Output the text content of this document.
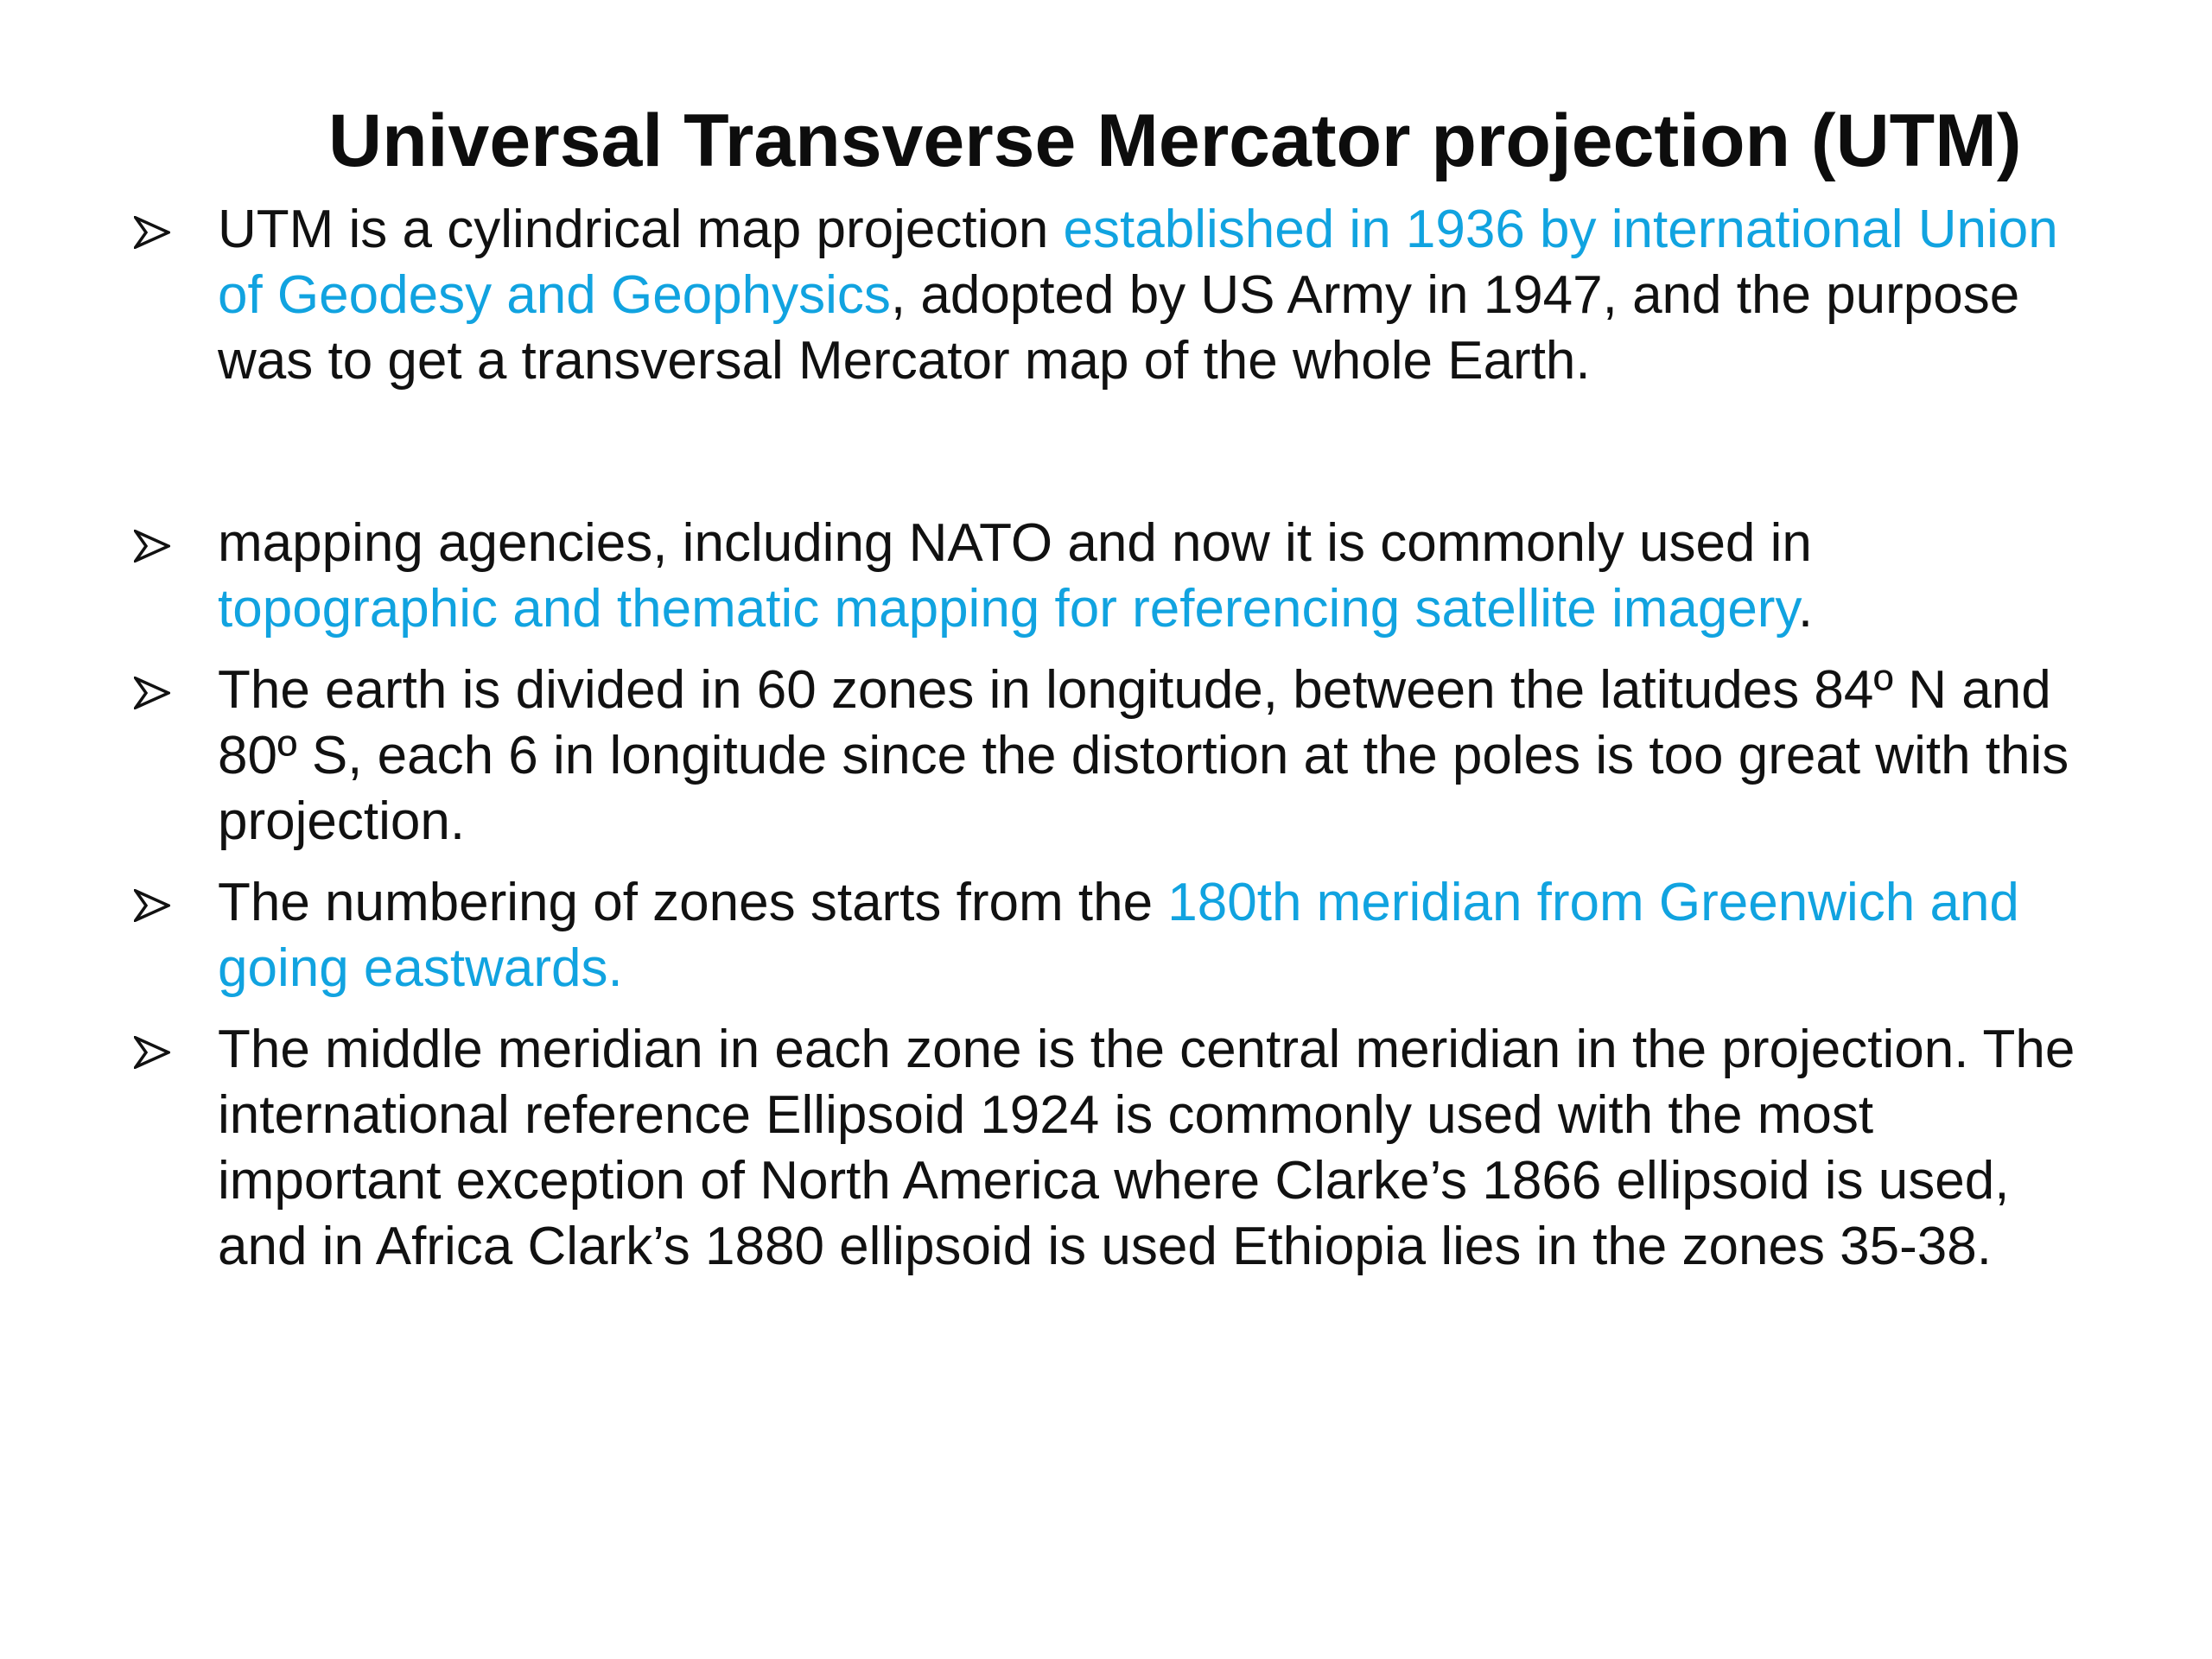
Universal Transverse Mercator projection (UTM)
UTM is a cylindrical map projection established in 1936 by international Union of Geodesy and Geophysics, adopted by US Army in 1947, and the purpose was to get a transversal Mercator map of the whole Earth.
mapping agencies, including NATO and now it is commonly used in topographic and thematic mapping for referencing satellite imagery.
The earth is divided in 60 zones in longitude, between the latitudes 84º N and 80º S, each 6 in longitude since the distortion at the poles is too great with this projection.
The numbering of zones starts from the 180th meridian from Greenwich and going eastwards.
The middle meridian in each zone is the central meridian in the projection. The international reference Ellipsoid 1924 is commonly used with the most important exception of North America where Clarke’s 1866 ellipsoid is used, and in Africa Clark’s 1880 ellipsoid is used Ethiopia lies in the zones 35-38.
